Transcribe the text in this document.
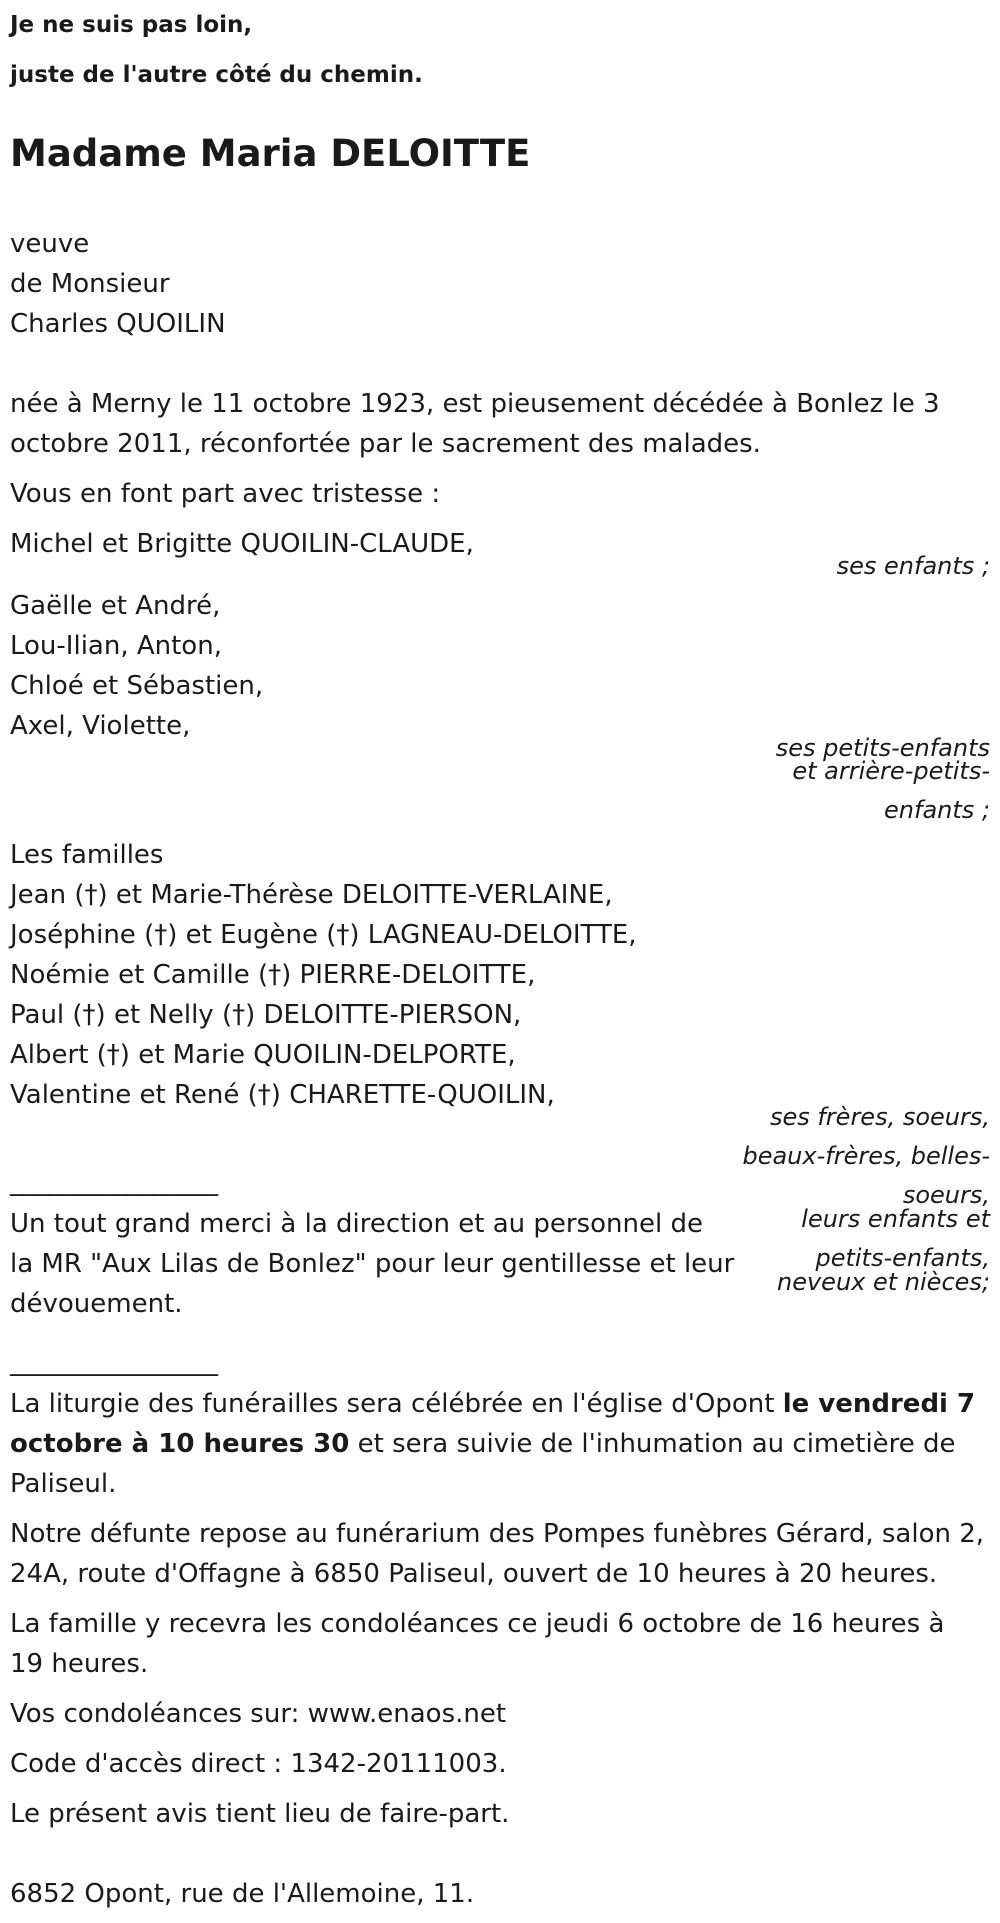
Je ne suis pas loin,

juste de l'autre côté du chemin.

Madame Maria DELOITTE

veuve

de Monsieur

Charles QUOILIN

née à Merny le 11 octobre 1923, est pieusement décédée à Bonlez le 3

octobre 2011, réconfortée par le sacrement des malades.

Vous en font part avec tristesse :

Michel et Brigitte QUOILIN-CLAUDE,

ses enfants ;

Gaëlle et André,

Lou-Ilian, Anton,

Chloé et Sébastien,

Axel, Violette,

ses petits-enfants

et arrière-petits-

enfants ;

Les familles

Jean (†) et Marie-Thérèse DELOITTE-VERLAINE,

Joséphine (†) et Eugène (†) LAGNEAU-DELOITTE,

Noémie et Camille (†) PIERRE-DELOITTE,

Paul (†) et Nelly (†) DELOITTE-PIERSON,

Albert (†) et Marie QUOILIN-DELPORTE,

Valentine et René (†) CHARETTE-QUOILIN,

ses frères, soeurs,

beaux-frères, belles-

soeurs,

leurs enfants et

petits-enfants,

neveux et nièces;

________________

Un tout grand merci à la direction et au personnel de

la MR "Aux Lilas de Bonlez" pour leur gentillesse et leur

dévouement.

________________

La liturgie des funérailles sera célébrée en l'église d'Opont le vendredi 7 octobre à 10 heures 30 et sera suivie de l'inhumation au cimetière de Paliseul.

Notre défunte repose au funérarium des Pompes funèbres Gérard, salon 2, 24A, route d'Offagne à 6850 Paliseul, ouvert de 10 heures à 20 heures.

La famille y recevra les condoléances ce jeudi 6 octobre de 16 heures à 19 heures.

Vos condoléances sur: www.enaos.net

Code d'accès direct : 1342-20111003.

Le présent avis tient lieu de faire-part.

6852 Opont, rue de l'Allemoine, 11.
